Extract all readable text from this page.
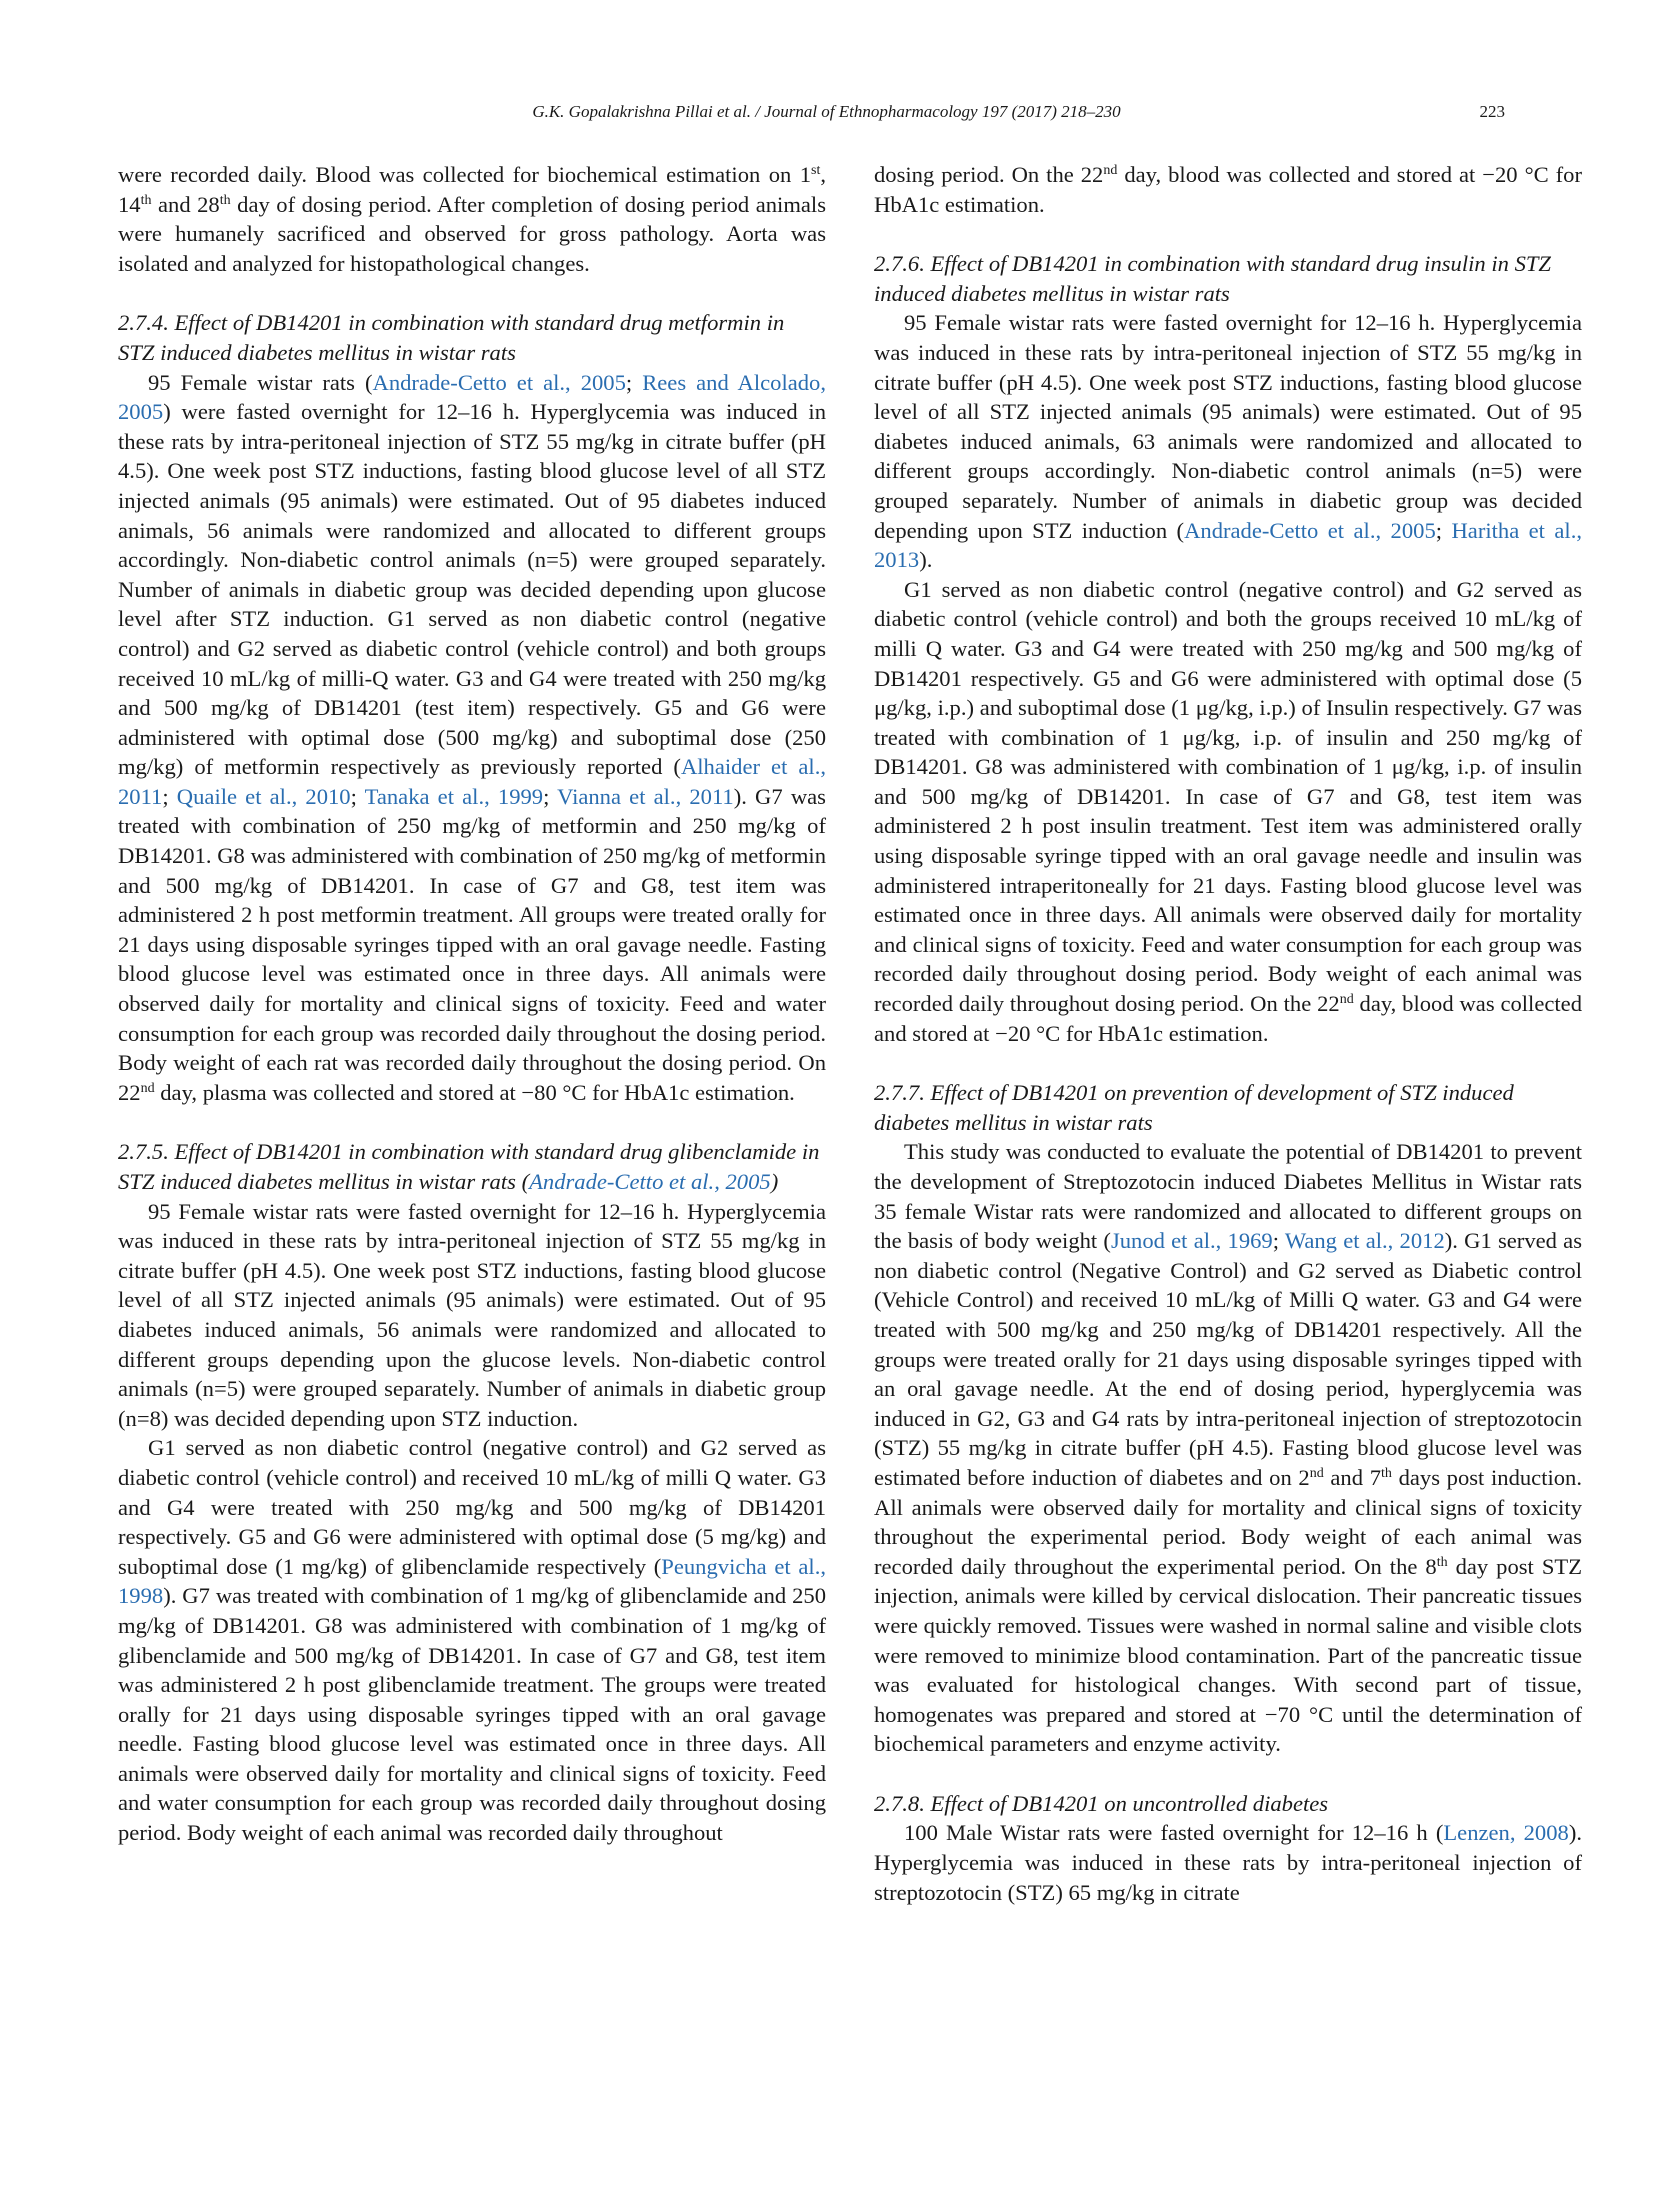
G.K. Gopalakrishna Pillai et al. / Journal of Ethnopharmacology 197 (2017) 218–230	223

were recorded daily. Blood was collected for biochemical estimation on 1st, 14th and 28th day of dosing period. After completion of dosing period animals were humanely sacrificed and observed for gross pathology. Aorta was isolated and analyzed for histopathological changes.

2.7.4. Effect of DB14201 in combination with standard drug metformin in STZ induced diabetes mellitus in wistar rats

95 Female wistar rats (Andrade-Cetto et al., 2005; Rees and Alcolado, 2005) were fasted overnight for 12–16 h. Hyperglycemia was induced in these rats by intra-peritoneal injection of STZ 55 mg/kg in citrate buffer (pH 4.5). One week post STZ inductions, fasting blood glucose level of all STZ injected animals (95 animals) were estimated. Out of 95 diabetes induced animals, 56 animals were randomized and allocated to different groups accordingly. Non-diabetic control animals (n=5) were grouped separately. Number of animals in diabetic group was decided depending upon glucose level after STZ induction. G1 served as non diabetic control (negative control) and G2 served as diabetic control (vehicle control) and both groups received 10 mL/kg of milli-Q water. G3 and G4 were treated with 250 mg/kg and 500 mg/kg of DB14201 (test item) respectively. G5 and G6 were administered with optimal dose (500 mg/kg) and suboptimal dose (250 mg/kg) of metformin respectively as previously reported (Alhaider et al., 2011; Quaile et al., 2010; Tanaka et al., 1999; Vianna et al., 2011). G7 was treated with combination of 250 mg/kg of metformin and 250 mg/kg of DB14201. G8 was administered with combination of 250 mg/kg of metformin and 500 mg/kg of DB14201. In case of G7 and G8, test item was administered 2 h post metformin treatment. All groups were treated orally for 21 days using disposable syringes tipped with an oral gavage needle. Fasting blood glucose level was estimated once in three days. All animals were observed daily for mortality and clinical signs of toxicity. Feed and water consumption for each group was recorded daily throughout the dosing period. Body weight of each rat was recorded daily throughout the dosing period. On 22nd day, plasma was collected and stored at −80 °C for HbA1c estimation.

2.7.5. Effect of DB14201 in combination with standard drug glibenclamide in STZ induced diabetes mellitus in wistar rats (Andrade-Cetto et al., 2005)

95 Female wistar rats were fasted overnight for 12–16 h. Hyperglycemia was induced in these rats by intra-peritoneal injection of STZ 55 mg/kg in citrate buffer (pH 4.5). One week post STZ inductions, fasting blood glucose level of all STZ injected animals (95 animals) were estimated. Out of 95 diabetes induced animals, 56 animals were randomized and allocated to different groups depending upon the glucose levels. Non-diabetic control animals (n=5) were grouped separately. Number of animals in diabetic group (n=8) was decided depending upon STZ induction.

G1 served as non diabetic control (negative control) and G2 served as diabetic control (vehicle control) and received 10 mL/kg of milli Q water. G3 and G4 were treated with 250 mg/kg and 500 mg/kg of DB14201 respectively. G5 and G6 were administered with optimal dose (5 mg/kg) and suboptimal dose (1 mg/kg) of glibenclamide respectively (Peungvicha et al., 1998). G7 was treated with combination of 1 mg/kg of glibenclamide and 250 mg/kg of DB14201. G8 was administered with combination of 1 mg/kg of glibenclamide and 500 mg/kg of DB14201. In case of G7 and G8, test item was administered 2 h post glibenclamide treatment. The groups were treated orally for 21 days using disposable syringes tipped with an oral gavage needle. Fasting blood glucose level was estimated once in three days. All animals were observed daily for mortality and clinical signs of toxicity. Feed and water consumption for each group was recorded daily throughout dosing period. Body weight of each animal was recorded daily throughout

dosing period. On the 22nd day, blood was collected and stored at −20 °C for HbA1c estimation.

2.7.6. Effect of DB14201 in combination with standard drug insulin in STZ induced diabetes mellitus in wistar rats

95 Female wistar rats were fasted overnight for 12–16 h. Hyperglycemia was induced in these rats by intra-peritoneal injection of STZ 55 mg/kg in citrate buffer (pH 4.5). One week post STZ inductions, fasting blood glucose level of all STZ injected animals (95 animals) were estimated. Out of 95 diabetes induced animals, 63 animals were randomized and allocated to different groups accordingly. Non-diabetic control animals (n=5) were grouped separately. Number of animals in diabetic group was decided depending upon STZ induction (Andrade-Cetto et al., 2005; Haritha et al., 2013).

G1 served as non diabetic control (negative control) and G2 served as diabetic control (vehicle control) and both the groups received 10 mL/kg of milli Q water. G3 and G4 were treated with 250 mg/kg and 500 mg/kg of DB14201 respectively. G5 and G6 were administered with optimal dose (5 μg/kg, i.p.) and suboptimal dose (1 μg/kg, i.p.) of Insulin respectively. G7 was treated with combination of 1 μg/kg, i.p. of insulin and 250 mg/kg of DB14201. G8 was administered with combination of 1 μg/kg, i.p. of insulin and 500 mg/kg of DB14201. In case of G7 and G8, test item was administered 2 h post insulin treatment. Test item was administered orally using disposable syringe tipped with an oral gavage needle and insulin was administered intraperitoneally for 21 days. Fasting blood glucose level was estimated once in three days. All animals were observed daily for mortality and clinical signs of toxicity. Feed and water consumption for each group was recorded daily throughout dosing period. Body weight of each animal was recorded daily throughout dosing period. On the 22nd day, blood was collected and stored at −20 °C for HbA1c estimation.

2.7.7. Effect of DB14201 on prevention of development of STZ induced diabetes mellitus in wistar rats

This study was conducted to evaluate the potential of DB14201 to prevent the development of Streptozotocin induced Diabetes Mellitus in Wistar rats 35 female Wistar rats were randomized and allocated to different groups on the basis of body weight (Junod et al., 1969; Wang et al., 2012). G1 served as non diabetic control (Negative Control) and G2 served as Diabetic control (Vehicle Control) and received 10 mL/kg of Milli Q water. G3 and G4 were treated with 500 mg/kg and 250 mg/kg of DB14201 respectively. All the groups were treated orally for 21 days using disposable syringes tipped with an oral gavage needle. At the end of dosing period, hyperglycemia was induced in G2, G3 and G4 rats by intra-peritoneal injection of streptozotocin (STZ) 55 mg/kg in citrate buffer (pH 4.5). Fasting blood glucose level was estimated before induction of diabetes and on 2nd and 7th days post induction. All animals were observed daily for mortality and clinical signs of toxicity throughout the experimental period. Body weight of each animal was recorded daily throughout the experimental period. On the 8th day post STZ injection, animals were killed by cervical dislocation. Their pancreatic tissues were quickly removed. Tissues were washed in normal saline and visible clots were removed to minimize blood contamination. Part of the pancreatic tissue was evaluated for histological changes. With second part of tissue, homogenates was prepared and stored at −70 °C until the determination of biochemical parameters and enzyme activity.

2.7.8. Effect of DB14201 on uncontrolled diabetes

100 Male Wistar rats were fasted overnight for 12–16 h (Lenzen, 2008). Hyperglycemia was induced in these rats by intra-peritoneal injection of streptozotocin (STZ) 65 mg/kg in citrate
